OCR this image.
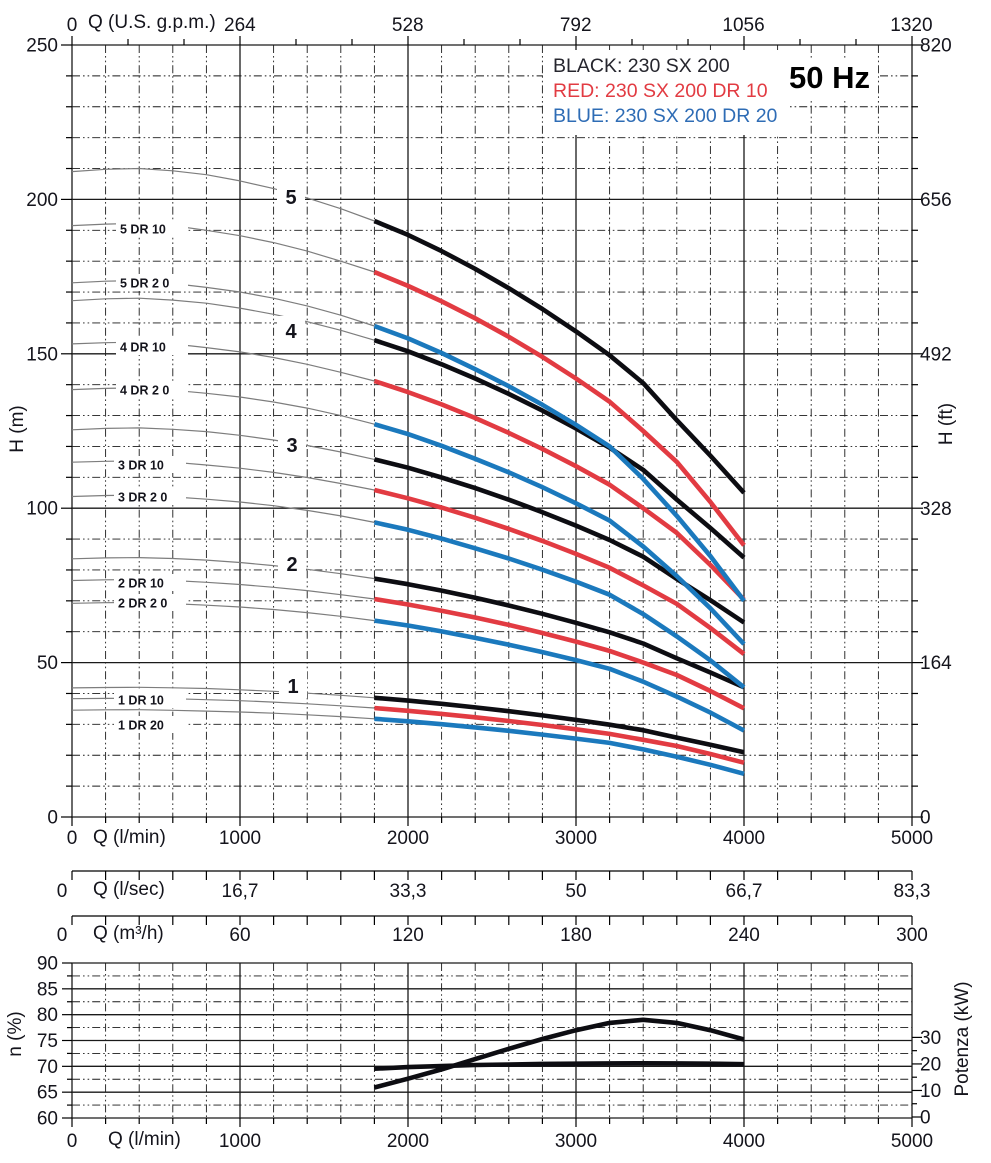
5
4
3
2
1
5 DR 10
5 DR 2 0
4 DR 10
4 DR 2 0
3 DR 10
3 DR 2 0
2 DR 10
2 DR 2 0
1 DR 10
1 DR 20
0	264	528	792	1056	1320
0
50
100
150
200
250
0
164
328
492
656
820
0	1000	2000	3000	4000	5000
0	16,7	33,3	50	66,7	83,3
0	60	120	180	240	300
60
65
70
75
80
85
90
0
10
20
30
0	1000	2000	3000	4000	5000
Q (U.S. g.p.m.)
H (m)	H (ft)
Q (l/min)
Q (l/sec)
Q (m³/h)
n (%)	Potenza (kW)
Q (l/min)
BLACK: 230 SX 200
RED: 230 SX 200 DR 10
BLUE: 230 SX 200 DR 20
50 Hz
